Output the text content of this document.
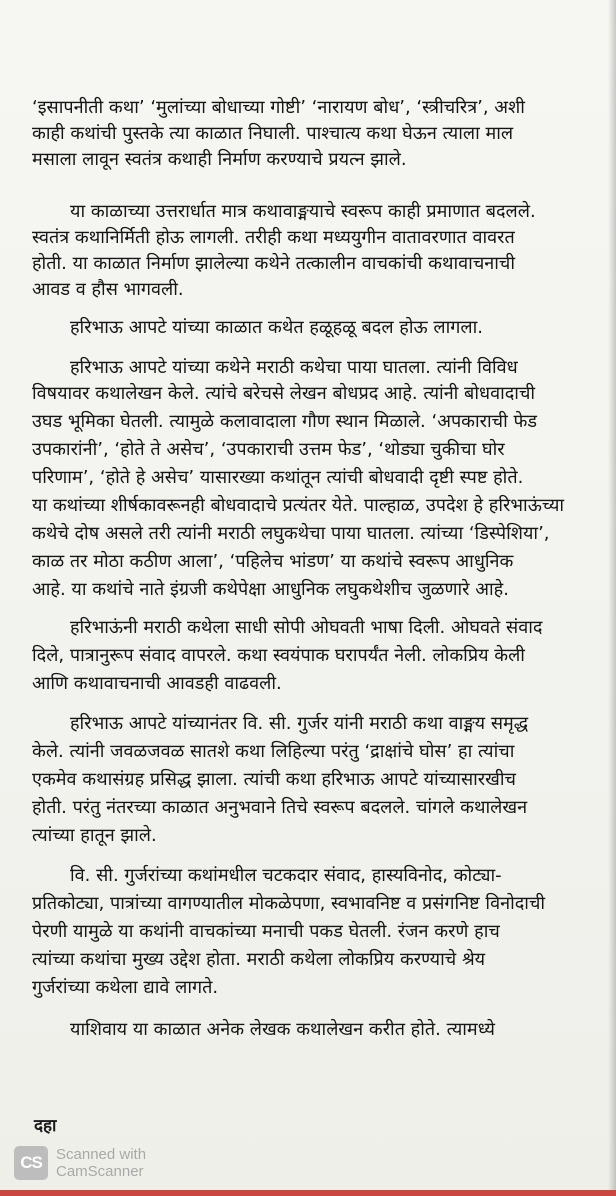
‘इसापनीती कथा’ ‘मुलांच्या बोधाच्या गोष्टी’ ‘नारायण बोध’, ‘स्त्रीचरित्र’, अशी
काही कथांची पुस्तके त्या काळात निघाली. पाश्चात्य कथा घेऊन त्याला माल
मसाला लावून स्वतंत्र कथाही निर्माण करण्याचे प्रयत्न झाले.
या काळाच्या उत्तरार्धात मात्र कथावाङ्मयाचे स्वरूप काही प्रमाणात बदलले.
स्वतंत्र कथानिर्मिती होऊ लागली. तरीही कथा मध्ययुगीन वातावरणात वावरत
होती. या काळात निर्माण झालेल्या कथेने तत्कालीन वाचकांची कथावाचनाची
आवड व हौस भागवली.
हरिभाऊ आपटे यांच्या काळात कथेत हळूहळू बदल होऊ लागला.
हरिभाऊ आपटे यांच्या कथेने मराठी कथेचा पाया घातला. त्यांनी विविध
विषयावर कथालेखन केले. त्यांचे बरेचसे लेखन बोधप्रद आहे. त्यांनी बोधवादाची
उघड भूमिका घेतली. त्यामुळे कलावादाला गौण स्थान मिळाले. ‘अपकाराची फेड
उपकारांनी’, ‘होते ते असेच’, ‘उपकाराची उत्तम फेड’, ‘थोड्या चुकीचा घोर
परिणाम’, ‘होते हे असेच’ यासारख्या कथांतून त्यांची बोधवादी दृष्टी स्पष्ट होते.
या कथांच्या शीर्षकावरूनही बोधवादाचे प्रत्यंतर येते. पाल्हाळ, उपदेश हे हरिभाऊंच्या
कथेचे दोष असले तरी त्यांनी मराठी लघुकथेचा पाया घातला. त्यांच्या ‘डिस्पेशिया’,
काळ तर मोठा कठीण आला’, ‘पहिलेच भांडण’ या कथांचे स्वरूप आधुनिक
आहे. या कथांचे नाते इंग्रजी कथेपेक्षा आधुनिक लघुकथेशीच जुळणारे आहे.
हरिभाऊंनी मराठी कथेला साधी सोपी ओघवती भाषा दिली. ओघवते संवाद
दिले, पात्रानुरूप संवाद वापरले. कथा स्वयंपाक घरापर्यंत नेली. लोकप्रिय केली
आणि कथावाचनाची आवडही वाढवली.
हरिभाऊ आपटे यांच्यानंतर वि. सी. गुर्जर यांनी मराठी कथा वाङ्मय समृद्ध
केले. त्यांनी जवळजवळ सातशे कथा लिहिल्या परंतु ‘द्राक्षांचे घोस’ हा त्यांचा
एकमेव कथासंग्रह प्रसिद्ध झाला. त्यांची कथा हरिभाऊ आपटे यांच्यासारखीच
होती. परंतु नंतरच्या काळात अनुभवाने तिचे स्वरूप बदलले. चांगले कथालेखन
त्यांच्या हातून झाले.
वि. सी. गुर्जरांच्या कथांमधील चटकदार संवाद, हास्यविनोद, कोट्या-
प्रतिकोट्या, पात्रांच्या वागण्यातील मोकळेपणा, स्वभावनिष्ट व प्रसंगनिष्ट विनोदाची
पेरणी यामुळे या कथांनी वाचकांच्या मनाची पकड घेतली. रंजन करणे हाच
त्यांच्या कथांचा मुख्य उद्देश होता. मराठी कथेला लोकप्रिय करण्याचे श्रेय
गुर्जरांच्या कथेला द्यावे लागते.
याशिवाय या काळात अनेक लेखक कथालेखन करीत होते. त्यामध्ये
दहा
CS Scanned with
CamScanner
